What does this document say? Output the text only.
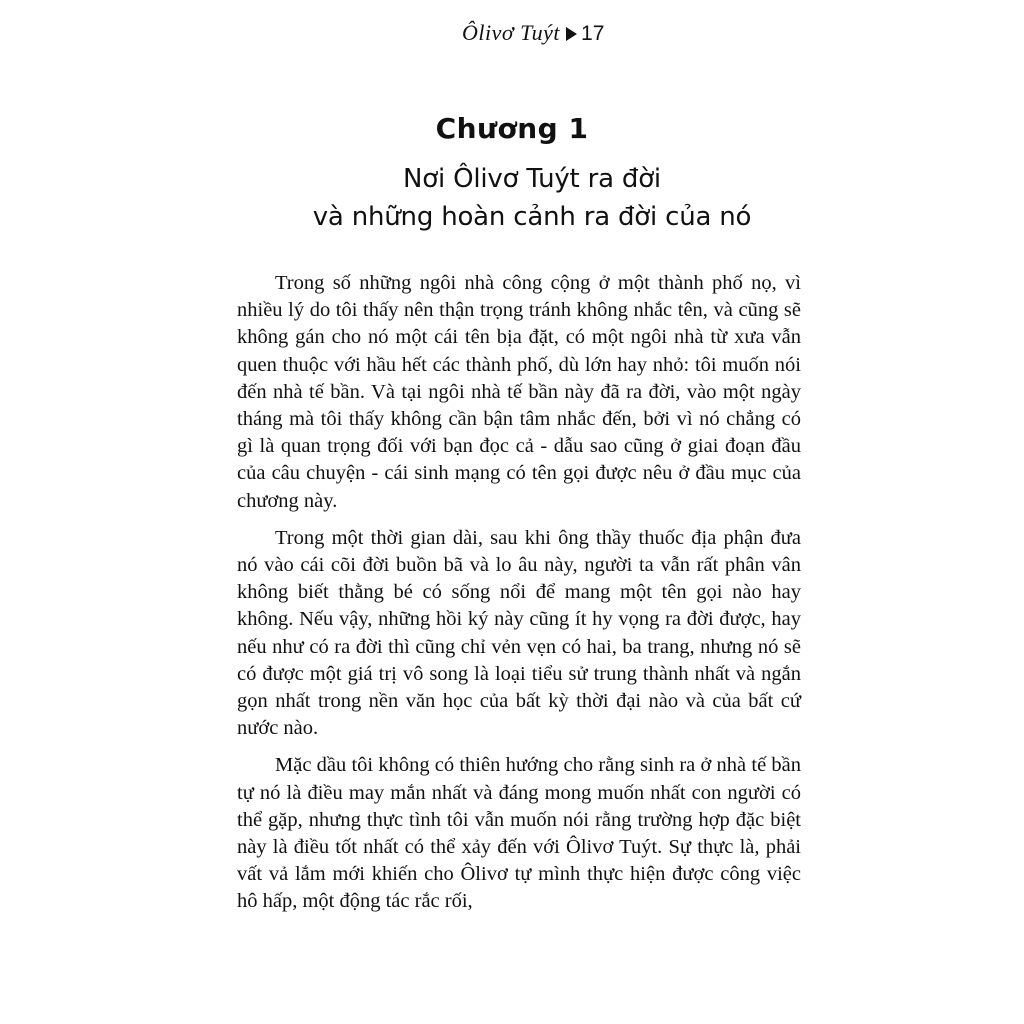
Ôlivơ Tuýt 17
Chương 1
Nơi Ôlivơ Tuýt ra đời
và những hoàn cảnh ra đời của nó

Trong số những ngôi nhà công cộng ở một thành phố nọ, vì nhiều lý do tôi thấy nên thận trọng tránh không nhắc tên, và cũng sẽ không gán cho nó một cái tên bịa đặt, có một ngôi nhà từ xưa vẫn quen thuộc với hầu hết các thành phố, dù lớn hay nhỏ: tôi muốn nói đến nhà tế bần. Và tại ngôi nhà tế bần này đã ra đời, vào một ngày tháng mà tôi thấy không cần bận tâm nhắc đến, bởi vì nó chẳng có gì là quan trọng đối với bạn đọc cả - dẫu sao cũng ở giai đoạn đầu của câu chuyện - cái sinh mạng có tên gọi được nêu ở đầu mục của chương này.

Trong một thời gian dài, sau khi ông thầy thuốc địa phận đưa nó vào cái cõi đời buồn bã và lo âu này, người ta vẫn rất phân vân không biết thằng bé có sống nổi để mang một tên gọi nào hay không. Nếu vậy, những hồi ký này cũng ít hy vọng ra đời được, hay nếu như có ra đời thì cũng chỉ vẻn vẹn có hai, ba trang, nhưng nó sẽ có được một giá trị vô song là loại tiểu sử trung thành nhất và ngắn gọn nhất trong nền văn học của bất kỳ thời đại nào và của bất cứ nước nào.

Mặc dầu tôi không có thiên hướng cho rằng sinh ra ở nhà tế bần tự nó là điều may mắn nhất và đáng mong muốn nhất con người có thể gặp, nhưng thực tình tôi vẫn muốn nói rằng trường hợp đặc biệt này là điều tốt nhất có thể xảy đến với Ôlivơ Tuýt. Sự thực là, phải vất vả lắm mới khiến cho Ôlivơ tự mình thực hiện được công việc hô hấp, một động tác rắc rối,
